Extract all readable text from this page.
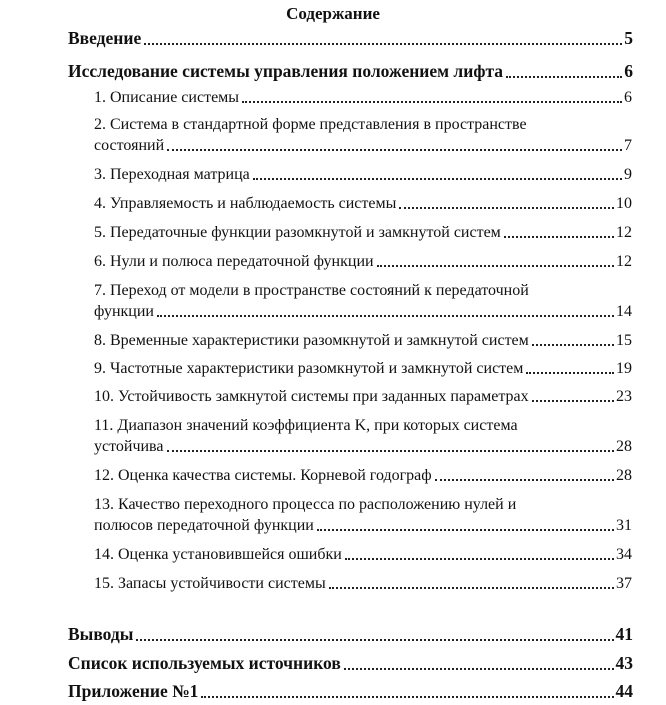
Содержание
Введение	5
Исследование системы управления положением лифта	6
1. Описание системы	6
2. Система в стандартной форме представления в пространстве
состояний	7
3. Переходная матрица	9
4. Управляемость и наблюдаемость системы	10
5. Передаточные функции разомкнутой и замкнутой систем	12
6. Нули и полюса передаточной функции	12
7. Переход от модели в пространстве состояний к передаточной
функции	14
8. Временные характеристики разомкнутой и замкнутой систем	15
9. Частотные характеристики разомкнутой и замкнутой систем	19
10. Устойчивость замкнутой системы при заданных параметрах	23
11. Диапазон значений коэффициента K, при которых система
устойчива	28
12. Оценка качества системы. Корневой годограф	28
13. Качество переходного процесса по расположению нулей и
полюсов передаточной функции	31
14. Оценка установившейся ошибки	34
15. Запасы устойчивости системы	37
Выводы	41
Список используемых источников	43
Приложение №1	44
